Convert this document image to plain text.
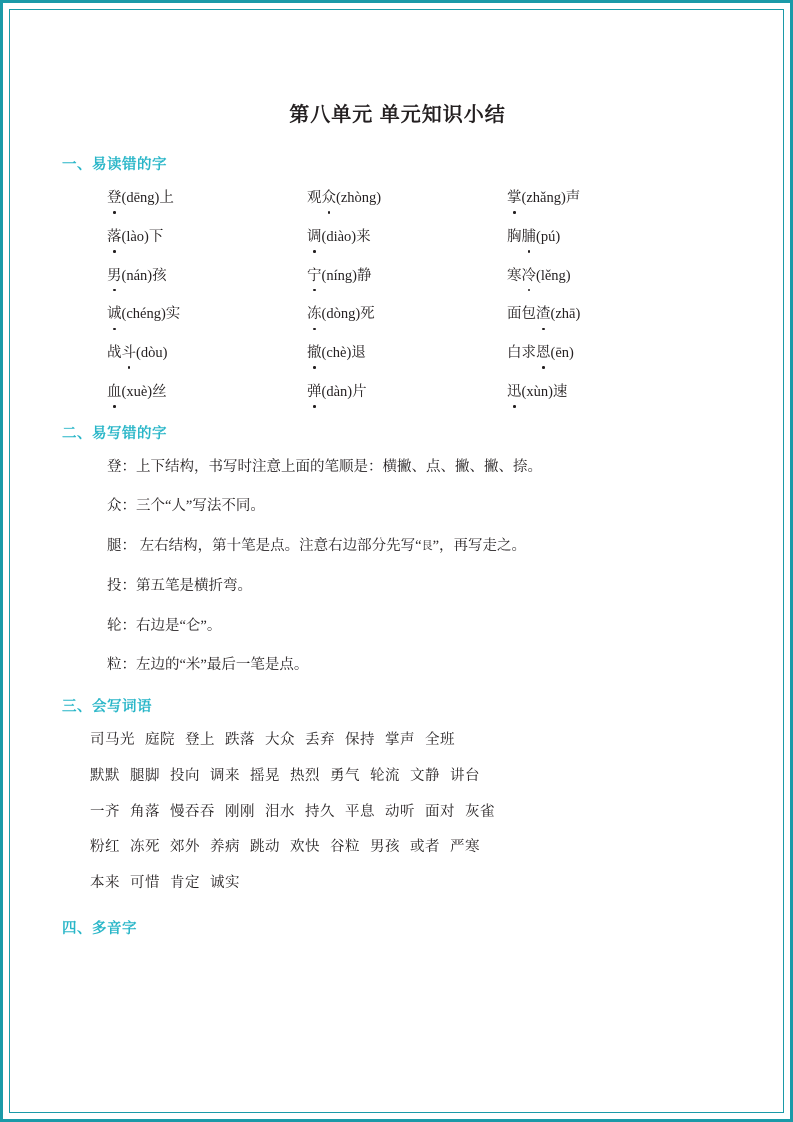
第八单元 单元知识小结
一、易读错的字
登(dēng)上	观众(zhòng)	掌(zhǎng)声
落(lào)下	调(diào)来	胸脯(pú)
男(nán)孩	宁(níng)静	寒冷(lěng)
诚(chéng)实	冻(dòng)死	面包渣(zhā)
战斗(dòu)	撤(chè)退	白求恩(ēn)
血(xuè)丝	弹(dàn)片	迅(xùn)速
二、易写错的字
登：上下结构，书写时注意上面的笔顺是：横撇、点、撇、撇、捺。
众：三个“人”写法不同。
腿： 左右结构，第十笔是点。注意右边部分先写“艮”，再写走之。
投：第五笔是横折弯。
轮：右边是“仑”。
粒：左边的“米”最后一笔是点。
三、会写词语
司马光 庭院 登上 跌落 大众 丢弃 保持 掌声 全班
默默 腿脚 投向 调来 摇晃 热烈 勇气 轮流 文静 讲台
一齐 角落 慢吞吞 刚刚 泪水 持久 平息 动听 面对 灰雀
粉红 冻死 郊外 养病 跳动 欢快 谷粒 男孩 或者 严寒
本来 可惜 肯定 诚实
四、多音字
